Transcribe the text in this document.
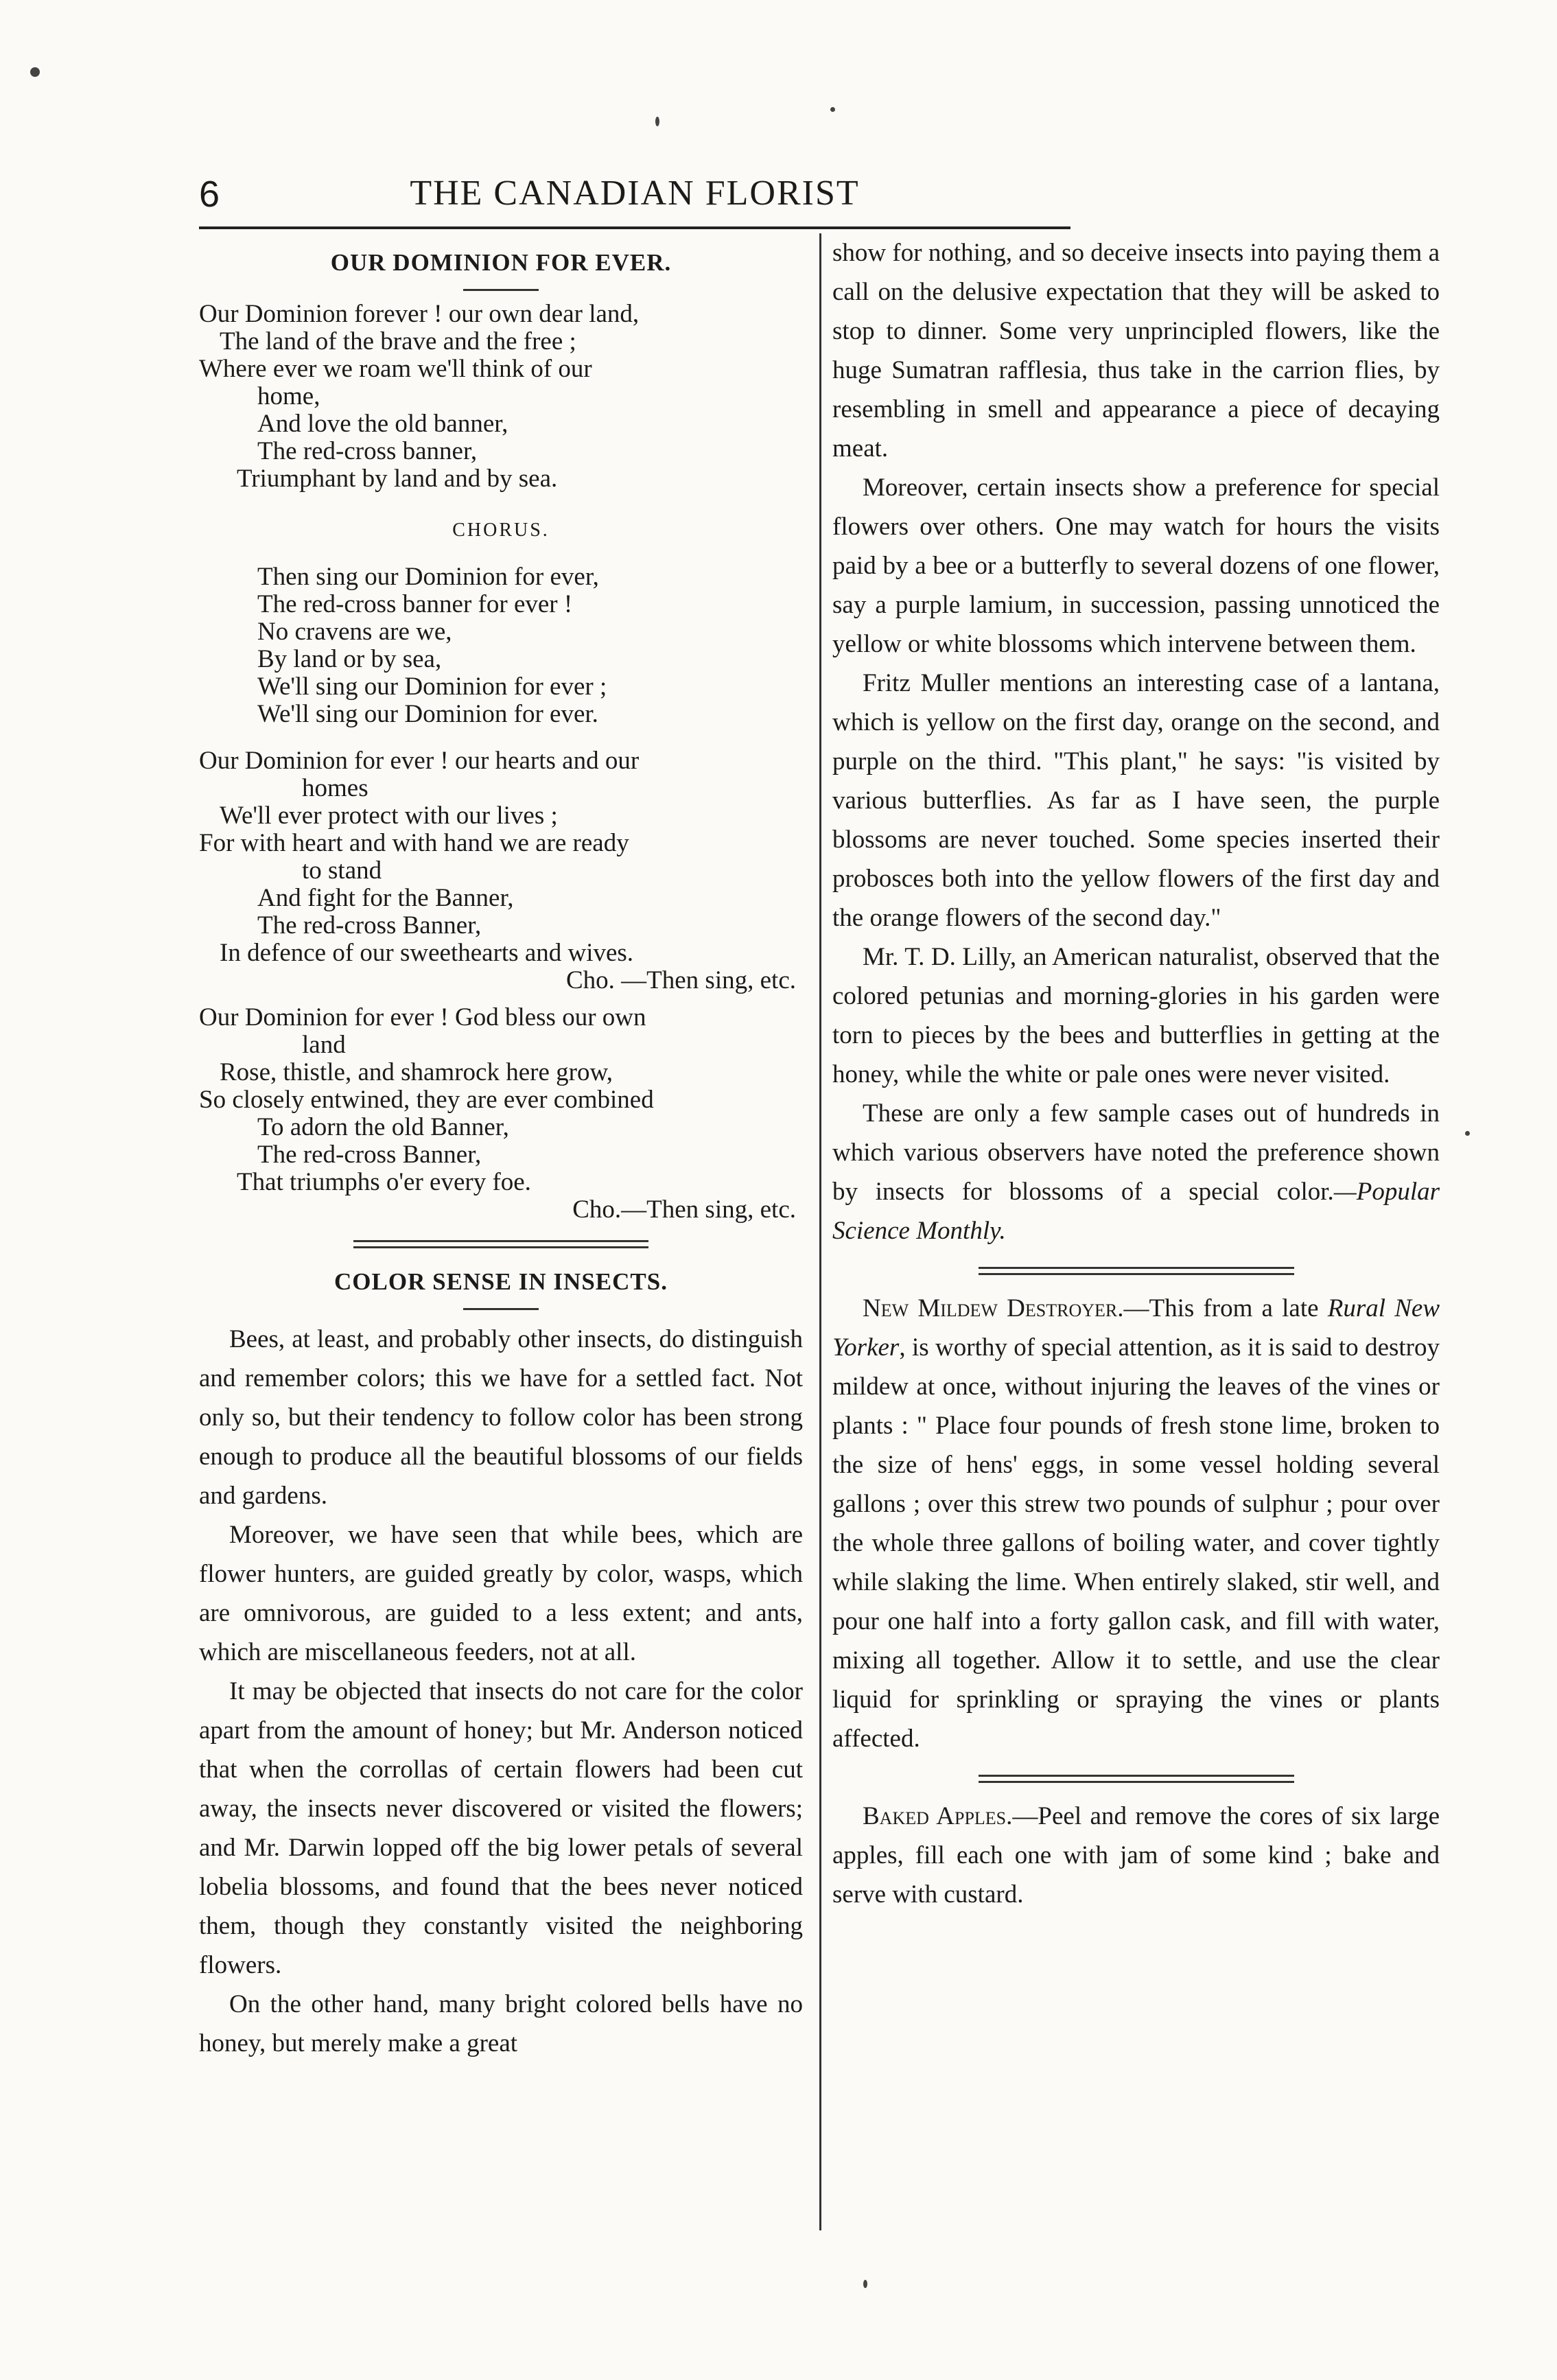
6	THE CANADIAN FLORIST
OUR DOMINION FOR EVER.

Our Dominion forever ! our own dear land,

The land of the brave and the free ;

Where ever we roam we'll think of our

home,

And love the old banner,

The red-cross banner,

Triumphant by land and by sea.

CHORUS.

Then sing our Dominion for ever,

The red-cross banner for ever !

No cravens are we,

By land or by sea,

We'll sing our Dominion for ever ;

We'll sing our Dominion for ever.

Our Dominion for ever ! our hearts and our

homes

We'll ever protect with our lives ;

For with heart and with hand we are ready

to stand

And fight for the Banner,

The red-cross Banner,

In defence of our sweethearts and wives.

Cho. —Then sing, etc.

Our Dominion for ever ! God bless our own

land

Rose, thistle, and shamrock here grow,

So closely entwined, they are ever combined

To adorn the old Banner,

The red-cross Banner,

That triumphs o'er every foe.

Cho.—Then sing, etc.

COLOR SENSE IN INSECTS.

Bees, at least, and probably other insects, do distinguish and remember colors; this we have for a settled fact. Not only so, but their tendency to follow color has been strong enough to produce all the beautiful blossoms of our fields and gardens.

Moreover, we have seen that while bees, which are flower hunters, are guided greatly by color, wasps, which are omnivorous, are guided to a less extent; and ants, which are miscellaneous feeders, not at all.

It may be objected that insects do not care for the color apart from the amount of honey; but Mr. Anderson noticed that when the corrollas of certain flowers had been cut away, the insects never discovered or visited the flowers; and Mr. Darwin lopped off the big lower petals of several lobelia blossoms, and found that the bees never noticed them, though they constantly visited the neighboring flowers.

On the other hand, many bright colored bells have no honey, but merely make a great

show for nothing, and so deceive insects into paying them a call on the delusive expectation that they will be asked to stop to dinner. Some very unprincipled flowers, like the huge Sumatran rafflesia, thus take in the carrion flies, by resembling in smell and appearance a piece of decaying meat.

Moreover, certain insects show a preference for special flowers over others. One may watch for hours the visits paid by a bee or a butterfly to several dozens of one flower, say a purple lamium, in succession, passing unnoticed the yellow or white blossoms which intervene between them.

Fritz Muller mentions an interesting case of a lantana, which is yellow on the first day, orange on the second, and purple on the third. "This plant," he says: "is visited by various butterflies. As far as I have seen, the purple blossoms are never touched. Some species inserted their probosces both into the yellow flowers of the first day and the orange flowers of the second day."

Mr. T. D. Lilly, an American naturalist, observed that the colored petunias and morning-glories in his garden were torn to pieces by the bees and butterflies in getting at the honey, while the white or pale ones were never visited.

These are only a few sample cases out of hundreds in which various observers have noted the preference shown by insects for blossoms of a special color.—Popular Science Monthly.

New Mildew Destroyer.—This from a late Rural New Yorker, is worthy of special attention, as it is said to destroy mildew at once, without injuring the leaves of the vines or plants : " Place four pounds of fresh stone lime, broken to the size of hens' eggs, in some vessel holding several gallons ; over this strew two pounds of sulphur ; pour over the whole three gallons of boiling water, and cover tightly while slaking the lime. When entirely slaked, stir well, and pour one half into a forty gallon cask, and fill with water, mixing all together. Allow it to settle, and use the clear liquid for sprinkling or spraying the vines or plants affected.

Baked Apples.—Peel and remove the cores of six large apples, fill each one with jam of some kind ; bake and serve with custard.
